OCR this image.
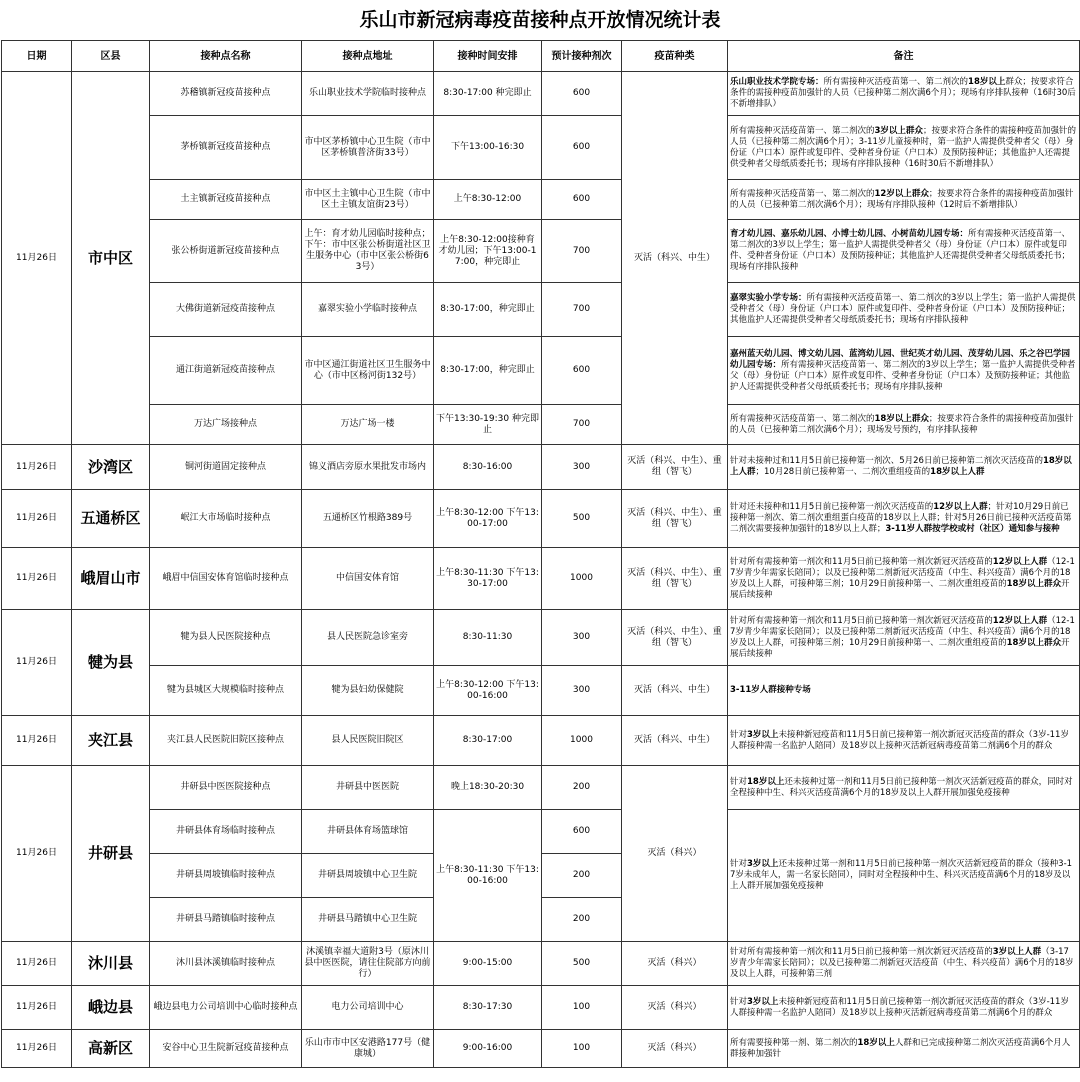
乐山市新冠病毒疫苗接种点开放情况统计表
日期	区县	接种点名称	接种点地址	接种时间安排	预计接种剂次	疫苗种类	备注
11月26日	市中区	苏稽镇新冠疫苗接种点	乐山职业技术学院临时接种点	8:30-17:00 种完即止	600	灭活（科兴、中生）	乐山职业技术学院专场：所有需接种灭活疫苗第一、第二剂次的18岁以上群众；按要求符合条件的需接种疫苗加强针的人员（已接种第二剂次满6个月）；现场有序排队接种（16时30后不新增排队）
		茅桥镇新冠疫苗接种点	市中区茅桥镇中心卫生院（市中区茅桥镇普济街33号）	下午13:00-16:30	600		所有需接种灭活疫苗第一、第二剂次的3岁以上群众；按要求符合条件的需接种疫苗加强针的人员（已接种第二剂次满6个月）；3-11岁儿童接种时，第一监护人需提供受种者父（母）身份证（户口本）原件或复印件、受种者身份证（户口本）及预防接种证；其他监护人还需提供受种者父母纸质委托书；现场有序排队接种（16时30后不新增排队）
		土主镇新冠疫苗接种点	市中区土主镇中心卫生院（市中区土主镇友谊街23号）	上午8:30-12:00	600		所有需接种灭活疫苗第一、第二剂次的12岁以上群众；按要求符合条件的需接种疫苗加强针的人员（已接种第二剂次满6个月）；现场有序排队接种（12时后不新增排队）
		张公桥街道新冠疫苗接种点	上午：育才幼儿园临时接种点；下午：市中区张公桥街道社区卫生服务中心（市中区张公桥街63号）	上午8:30-12:00接种育才幼儿园；下午13:00-17:00，种完即止	700		育才幼儿园、嘉乐幼儿园、小博士幼儿园、小树苗幼儿园专场：所有需接种灭活疫苗第一、第二剂次的3岁以上学生；第一监护人需提供受种者父（母）身份证（户口本）原件或复印件、受种者身份证（户口本）及预防接种证；其他监护人还需提供受种者父母纸质委托书；现场有序排队接种
		大佛街道新冠疫苗接种点	嘉翠实验小学临时接种点	8:30-17:00，种完即止	700		嘉翠实验小学专场：所有需接种灭活疫苗第一、第二剂次的3岁以上学生；第一监护人需提供受种者父（母）身份证（户口本）原件或复印件、受种者身份证（户口本）及预防接种证；其他监护人还需提供受种者父母纸质委托书；现场有序排队接种
		通江街道新冠疫苗接种点	市中区通江街道社区卫生服务中心（市中区杨河街132号）	8:30-17:00，种完即止	600		嘉州蓝天幼儿园、博文幼儿园、蓝湾幼儿园、世纪英才幼儿园、茂芽幼儿园、乐之谷巴学园幼儿园专场：所有需接种灭活疫苗第一、第二剂次的3岁以上学生；第一监护人需提供受种者父（母）身份证（户口本）原件或复印件、受种者身份证（户口本）及预防接种证；其他监护人还需提供受种者父母纸质委托书；现场有序排队接种
		万达广场接种点	万达广场一楼	下午13:30-19:30 种完即止	700		所有需接种灭活疫苗第一、第二剂次的18岁以上群众；按要求符合条件的需接种疫苗加强针的人员（已接种第二剂次满6个月）；现场发号预约，有序排队接种
11月26日	沙湾区	铜河街道固定接种点	锦义酒店旁原水果批发市场内	8:30-16:00	300	灭活（科兴、中生）、重组（智飞）	针对未接种过和11月5日前已接种第一剂次、5月26日前已接种第二剂次灭活疫苗的18岁以上人群；10月28日前已接种第一、二剂次重组疫苗的18岁以上人群
11月26日	五通桥区	岷江大市场临时接种点	五通桥区竹根路389号	上午8:30-12:00 下午13:00-17:00	500	灭活（科兴、中生）、重组（智飞）	针对还未接种和11月5日前已接种第一剂次灭活疫苗的12岁以上人群；针对10月29日前已接种第一剂次、第二剂次重组蛋白疫苗的18岁以上人群；针对5月26日前已接种灭活疫苗第二剂次需要接种加强针的18岁以上人群；3-11岁人群按学校或村（社区）通知参与接种
11月26日	峨眉山市	峨眉中信国安体育馆临时接种点	中信国安体育馆	上午8:30-11:30 下午13:30-17:00	1000	灭活（科兴、中生）、重组（智飞）	针对所有需接种第一剂次和11月5日前已接种第一剂次新冠灭活疫苗的12岁以上人群（12-17岁青少年需家长陪同）；以及已接种第二剂新冠灭活疫苗（中生、科兴疫苗）满6个月的18岁及以上人群，可接种第三剂；10月29日前接种第一、二剂次重组疫苗的18岁以上群众开展后续接种
11月26日	犍为县	犍为县人民医院接种点	县人民医院急诊室旁	8:30-11:30	300	灭活（科兴、中生）、重组（智飞）	针对所有需接种第一剂次和11月5日前已接种第一剂次新冠灭活疫苗的12岁以上人群（12-17岁青少年需家长陪同）；以及已接种第二剂新冠灭活疫苗（中生、科兴疫苗）满6个月的18岁及以上人群，可接种第三剂；10月29日前接种第一、二剂次重组疫苗的18岁以上群众开展后续接种
		犍为县城区大规模临时接种点	犍为县妇幼保健院	上午8:30-12:00 下午13:00-16:00	300	灭活（科兴、中生）	3-11岁人群接种专场
11月26日	夹江县	夹江县人民医院旧院区接种点	县人民医院旧院区	8:30-17:00	1000	灭活（科兴、中生）	针对3岁以上未接种新冠疫苗和11月5日前已接种第一剂次新冠灭活疫苗的群众（3岁-11岁人群接种需一名监护人陪同）及18岁以上接种灭活新冠病毒疫苗第二剂满6个月的群众
11月26日	井研县	井研县中医医院接种点	井研县中医医院	晚上18:30-20:30	200	灭活（科兴）	针对18岁以上还未接种过第一剂和11月5日前已接种第一剂次灭活新冠疫苗的群众，同时对全程接种中生、科兴灭活疫苗满6个月的18岁及以上人群开展加强免疫接种
		井研县体育场临时接种点	井研县体育场篮球馆	上午8:30-11:30 下午13:00-16:00	600		针对3岁以上还未接种过第一剂和11月5日前已接种第一剂次灭活新冠疫苗的群众（接种3-17岁未成年人，需一名家长陪同），同时对全程接种中生、科兴灭活疫苗满6个月的18岁及以上人群开展加强免疫接种
		井研县周坡镇临时接种点	井研县周坡镇中心卫生院		200		
		井研县马踏镇临时接种点	井研县马踏镇中心卫生院		200		
11月26日	沐川县	沐川县沐溪镇临时接种点	沐溪镇幸福大道附3号（原沐川县中医医院，请往住院部方向前行）	9:00-15:00	500	灭活（科兴）	针对所有需接种第一剂次和11月5日前已接种第一剂次新冠灭活疫苗的3岁以上人群（3-17岁青少年需家长陪同）；以及已接种第二剂新冠灭活疫苗（中生、科兴疫苗）满6个月的18岁及以上人群，可接种第三剂
11月26日	峨边县	峨边县电力公司培训中心临时接种点	电力公司培训中心	8:30-17:30	100	灭活（科兴）	针对3岁以上未接种新冠疫苗和11月5日前已接种第一剂次新冠灭活疫苗的群众（3岁-11岁人群接种需一名监护人陪同）及18岁以上接种灭活新冠病毒疫苗第二剂满6个月的群众
11月26日	高新区	安谷中心卫生院新冠疫苗接种点	乐山市市中区安港路177号（健康城）	9:00-16:00	100	灭活（科兴）	所有需要接种第一剂、第二剂次的18岁以上人群和已完成接种第二剂次灭活疫苗满6个月人群接种加强针
